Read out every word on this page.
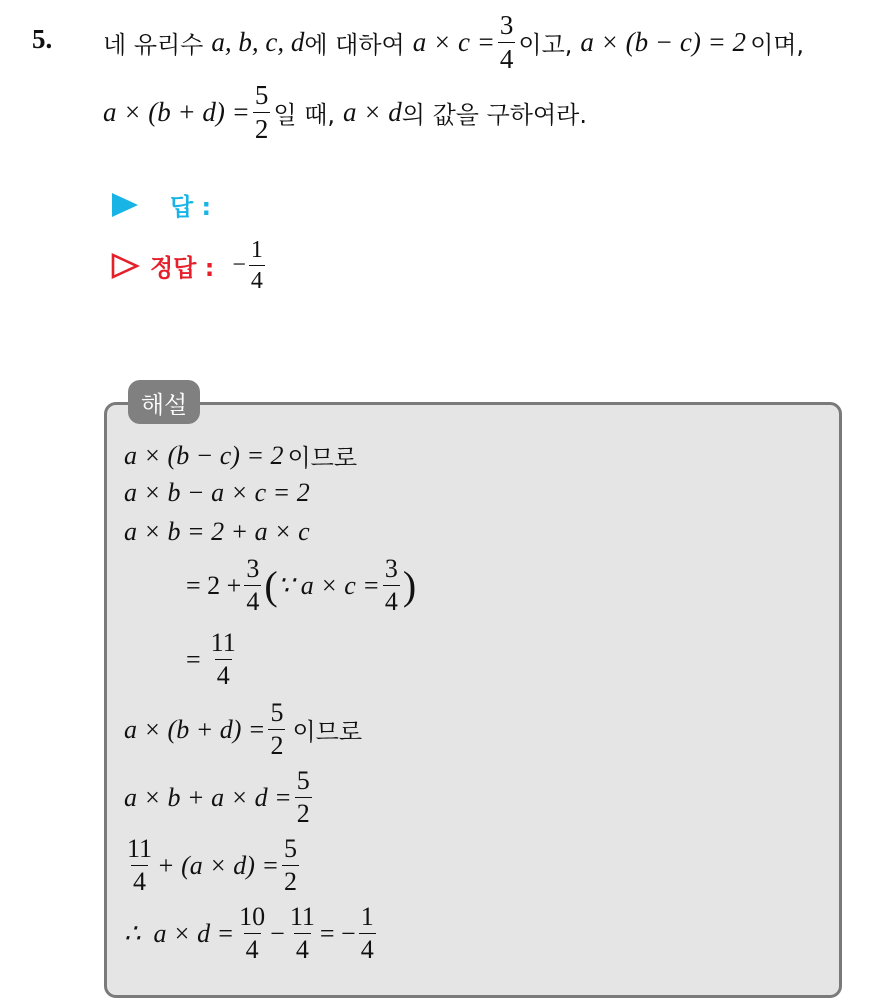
5. 네 유리수 a, b, c, d 에 대하여 $a \times c = \frac{3}{4}$ 이고, a × (b − c) = 2 이며,
$a \times (b + d) = \frac{5}{2}$ 일 때, a × d 의 값을 구하여라.
답 :
정답 : − $\frac{1}{4}$
해설
a × (b − c) = 2 이므로
a × b − a × c = 2
a × b = 2 + a × c
= $2 + \frac{3}{4}$ ( ∵ $a \times c = \frac{3}{4}$ )
= $\frac{11}{4}$
$a \times (b + d) = \frac{5}{2}$ 이므로
$a \times b + a \times d = \frac{5}{2}$
$\frac{11}{4} + (a \times d) = \frac{5}{2}$
∴  $a \times d = \frac{10}{4} - \frac{11}{4}$ = − $\frac{1}{4}$
